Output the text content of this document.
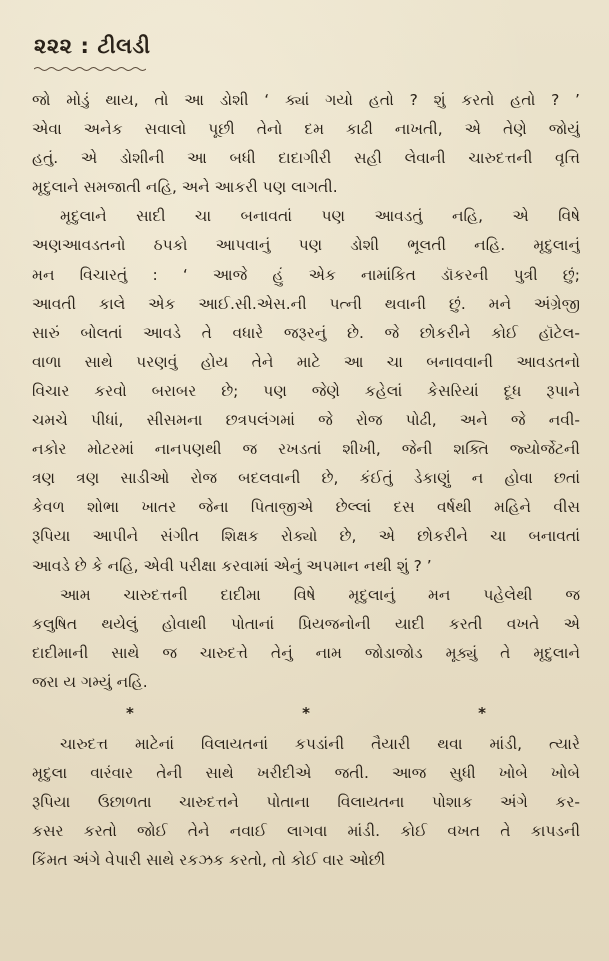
૨૨૨ : ટીલડી
જો મોડું થાય, તો આ ડોશી ‘ ક્યાં ગયો હતો ? શું કરતો હતો ? ’
એવા અનેક સવાલો પૂછી તેનો દમ કાઢી નાખતી, એ તેણે જોયું
હતું. એ ડોશીની આ બધી દાદાગીરી સહી લેવાની ચારુદત્તની વૃત્તિ
મૃદુલાને સમજાતી નહિ, અને આકરી પણ લાગતી.
મૃદુલાને સાદી ચા બનાવતાં પણ આવડતું નહિ, એ વિષે
અણઆવડતનો ઠપકો આપવાનું પણ ડોશી ભૂલતી નહિ. મૃદુલાનું
મન વિચારતું : ‘ આજે હું એક નામાંકિત ડૉકરની પુત્રી છું;
આવતી કાલે એક આઈ.સી.એસ.ની પત્ની થવાની છું. મને અંગ્રેજી
સારું બોલતાં આવડે તે વધારે જરૂરનું છે. જે છોકરીને કોઈ હૉટેલ-
વાળા સાથે પરણવું હોય તેને માટે આ ચા બનાવવાની આવડતનો
વિચાર કરવો બરાબર છે; પણ જેણે કહેલાં કેસરિયાં દૂધ રૂપાને
ચમચે પીધાં, સીસમના છત્રપલંગમાં જે રોજ પોઢી, અને જે નવી-
નકોર મોટરમાં નાનપણથી જ રખડતાં શીખી, જેની શક્તિ જ્યોર્જેટની
ત્રણ ત્રણ સાડીઓ રોજ બદલવાની છે, કંઈતું ડેકાણું ન હોવા છતાં
કેવળ શોભા ખાતર જેના પિતાજીએ છેલ્લાં દસ વર્ષથી મહિને વીસ
રૂપિયા આપીને સંગીત શિક્ષક રોક્યો છે, એ છોકરીને ચા બનાવતાં
આવડે છે કે નહિ, એવી પરીક્ષા કરવામાં એનું અપમાન નથી શું ? ’
આમ ચારુદત્તની દાદીમા વિષે મૃદુલાનું મન પહેલેથી જ
કલુષિત થયેલું હોવાથી પોતાનાં પ્રિયજનોની યાદી કરતી વખતે એ
દાદીમાની સાથે જ ચારુદત્તે તેનું નામ જોડાજોડ મૂક્યું તે મૃદુલાને
જરા ય ગમ્યું નહિ.
*	*	*
ચારુદત્ત માટેનાં વિલાયતનાં કપડાંની તૈયારી થવા માંડી, ત્યારે
મૃદુલા વારંવાર તેની સાથે ખરીદીએ જતી. આજ સુધી ખોબે ખોબે
રૂપિયા ઉછાળતા ચારુદત્તને પોતાના વિલાયતના પોશાક અંગે કર-
કસર કરતો જોઈ તેને નવાઈ લાગવા માંડી. કોઈ વખત તે કાપડની
કિંમત અંગે વેપારી સાથે રકઝક કરતો, તો કોઈ વાર ઓછી
